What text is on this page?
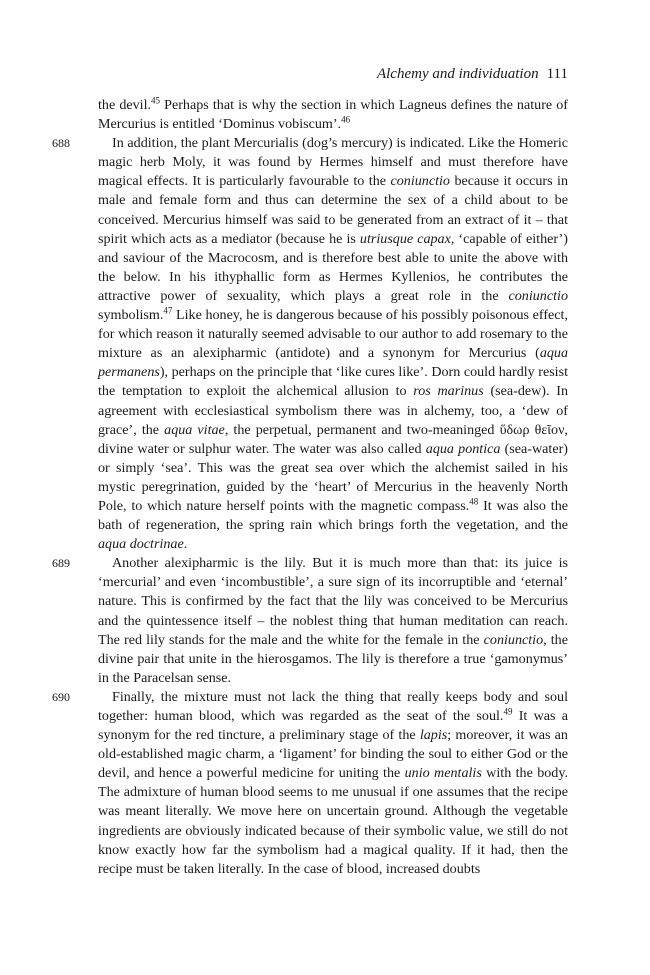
Alchemy and individuation 111

the devil.$^{45}$ Perhaps that is why the section in which Lagneus defines the nature of Mercurius is entitled ‘Dominus vobiscum’.$^{46}$

688	In addition, the plant Mercurialis (dog’s mercury) is indicated. Like the Homeric magic herb Moly, it was found by Hermes himself and must therefore have magical effects. It is particularly favourable to the coniunctio because it occurs in male and female form and thus can determine the sex of a child about to be conceived. Mercurius himself was said to be generated from an extract of it – that spirit which acts as a mediator (because he is utriusque capax, ‘capable of either’) and saviour of the Macrocosm, and is therefore best able to unite the above with the below. In his ithyphallic form as Hermes Kyllenios, he contributes the attractive power of sexuality, which plays a great role in the coniunctio symbolism.$^{47}$ Like honey, he is dangerous because of his possibly poisonous effect, for which reason it naturally seemed advisable to our author to add rosemary to the mixture as an alexipharmic (antidote) and a synonym for Mercurius (aqua permanens), perhaps on the principle that ‘like cures like’. Dorn could hardly resist the temptation to exploit the alchemical allusion to ros marinus (sea-dew). In agreement with ecclesiastical symbolism there was in alchemy, too, a ‘dew of grace’, the aqua vitae, the perpetual, permanent and two-meaninged ὕδωρ θεῖον, divine water or sulphur water. The water was also called aqua pontica (sea-water) or simply ‘sea’. This was the great sea over which the alchemist sailed in his mystic peregrination, guided by the ‘heart’ of Mercurius in the heavenly North Pole, to which nature herself points with the magnetic compass.$^{48}$ It was also the bath of regeneration, the spring rain which brings forth the vegetation, and the aqua doctrinae.

689	Another alexipharmic is the lily. But it is much more than that: its juice is ‘mercurial’ and even ‘incombustible’, a sure sign of its incorruptible and ‘eternal’ nature. This is confirmed by the fact that the lily was conceived to be Mercurius and the quintessence itself – the noblest thing that human meditation can reach. The red lily stands for the male and the white for the female in the coniunctio, the divine pair that unite in the hierosgamos. The lily is therefore a true ‘gamonymus’ in the Paracelsan sense.

690	Finally, the mixture must not lack the thing that really keeps body and soul together: human blood, which was regarded as the seat of the soul.$^{49}$ It was a synonym for the red tincture, a preliminary stage of the lapis; moreover, it was an old-established magic charm, a ‘ligament’ for binding the soul to either God or the devil, and hence a powerful medicine for uniting the unio mentalis with the body. The admixture of human blood seems to me unusual if one assumes that the recipe was meant literally. We move here on uncertain ground. Although the vegetable ingredients are obviously indicated because of their symbolic value, we still do not know exactly how far the symbolism had a magical quality. If it had, then the recipe must be taken literally. In the case of blood, increased doubts
